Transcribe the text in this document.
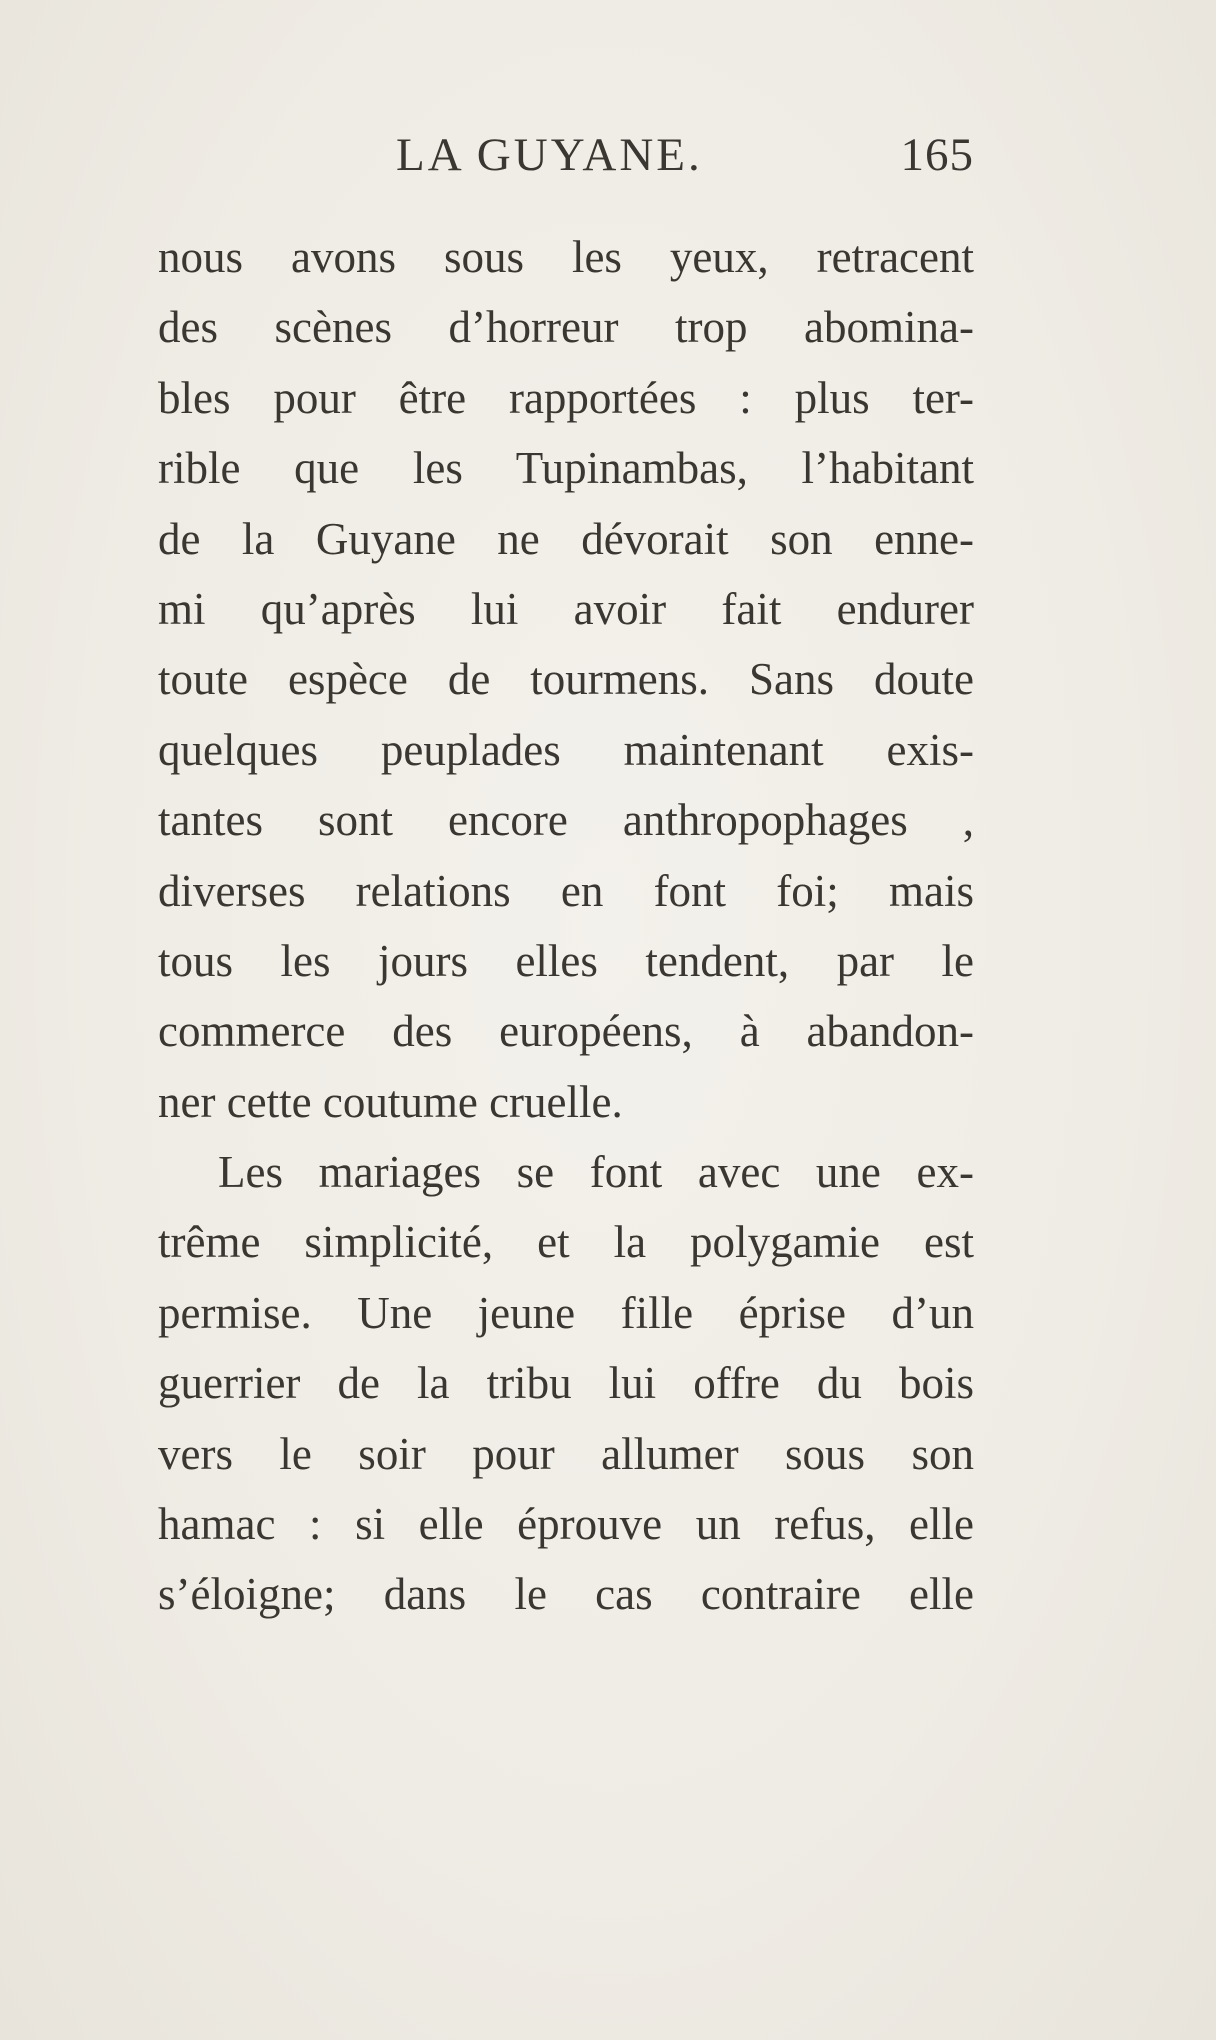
LA GUYANE.	165
nous avons sous les yeux, retracent
des scènes d’horreur trop abomina-
bles pour être rapportées : plus ter-
rible que les Tupinambas, l’habitant
de la Guyane ne dévorait son enne-
mi qu’après lui avoir fait endurer
toute espèce de tourmens. Sans doute
quelques peuplades maintenant exis-
tantes sont encore anthropophages ,
diverses relations en font foi; mais
tous les jours elles tendent, par le
commerce des européens, à abandon-
ner cette coutume cruelle.
Les mariages se font avec une ex-
trême simplicité, et la polygamie est
permise. Une jeune fille éprise d’un
guerrier de la tribu lui offre du bois
vers le soir pour allumer sous son
hamac : si elle éprouve un refus, elle
s’éloigne; dans le cas contraire elle
